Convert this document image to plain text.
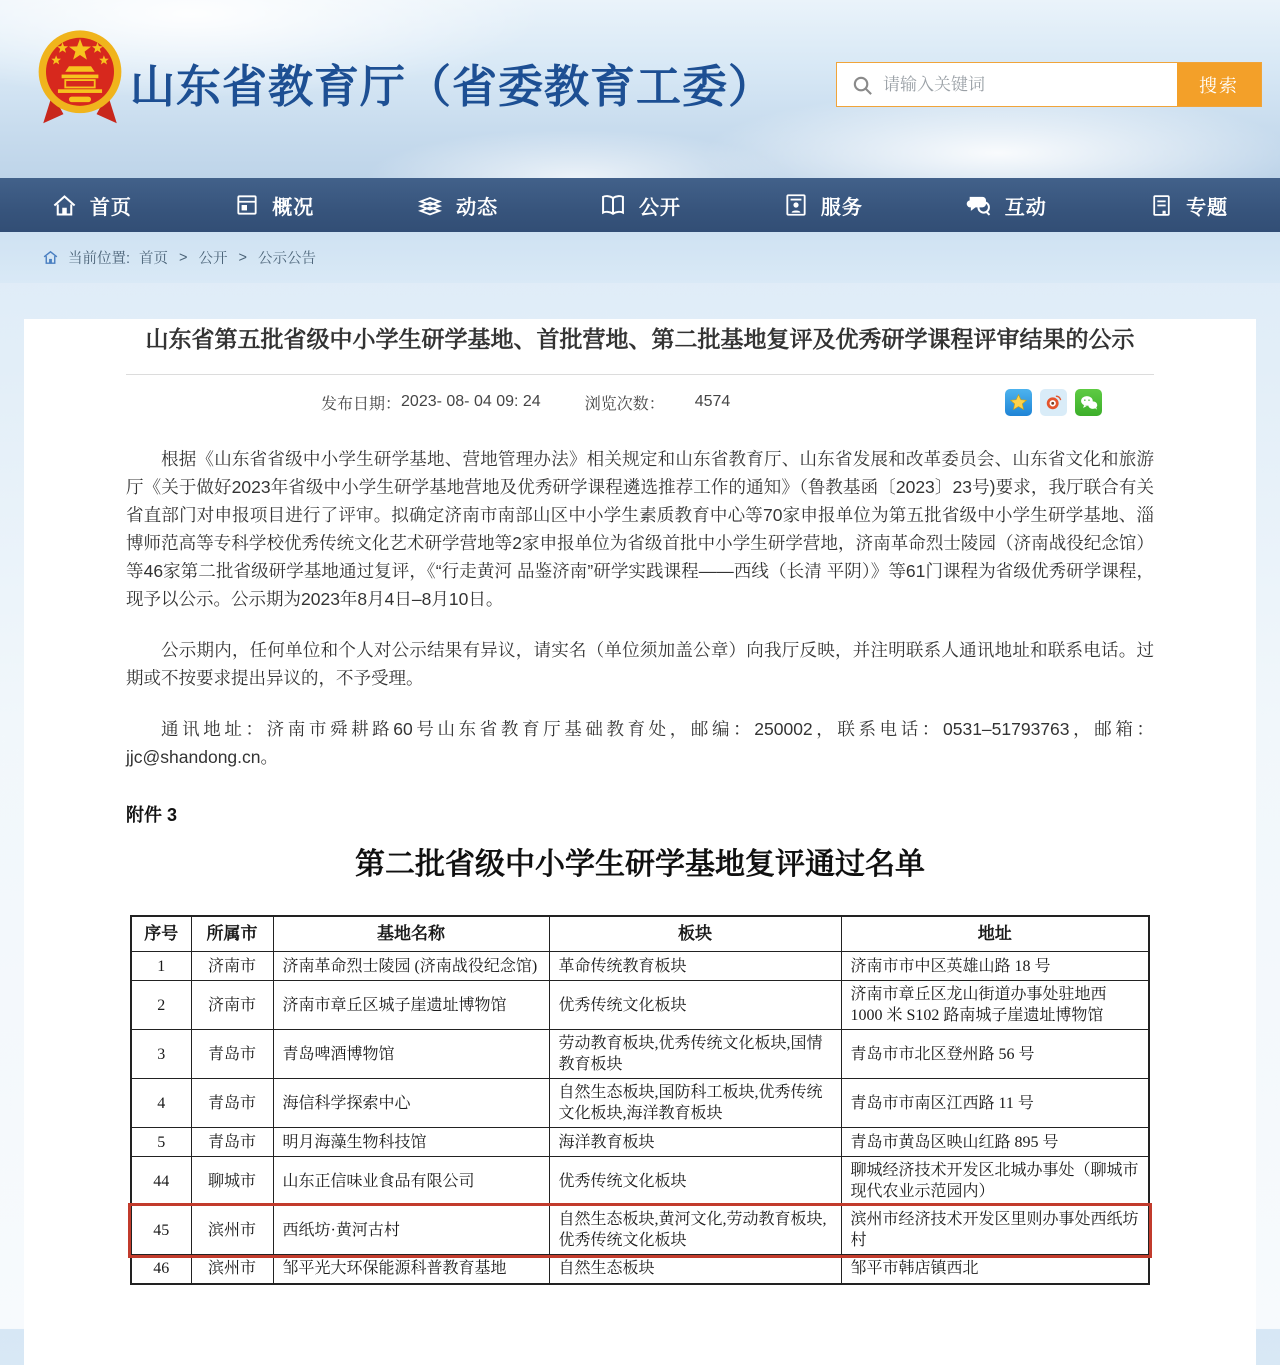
山东省教育厅（省委教育工委）
请输入关键词	搜索
首页	概况	动态	公开	服务	互动	专题
当前位置: 首页 > 公开 > 公示公告
山东省第五批省级中小学生研学基地、首批营地、第二批基地复评及优秀研学课程评审结果的公示
发布日期： 2023- 08- 04 09: 24	浏览次数： 4574

根据《山东省省级中小学生研学基地、营地管理办法》相关规定和山东省教育厅、山东省发展和改革委员会、山东省文化和旅游厅《关于做好2023年省级中小学生研学基地营地及优秀研学课程遴选推荐工作的通知》（鲁教基函〔2023〕23号)要求，我厅联合有关省直部门对申报项目进行了评审。拟确定济南市南部山区中小学生素质教育中心等70家申报单位为第五批省级中小学生研学基地、淄博师范高等专科学校优秀传统文化艺术研学营地等2家申报单位为省级首批中小学生研学营地，济南革命烈士陵园（济南战役纪念馆）等46家第二批省级研学基地通过复评，《“行走黄河 品鉴济南”研学实践课程——西线（长清 平阴）》等61门课程为省级优秀研学课程，现予以公示。公示期为2023年8月4日–8月10日。

公示期内，任何单位和个人对公示结果有异议，请实名（单位须加盖公章）向我厅反映，并注明联系人通讯地址和联系电话。过期或不按要求提出异议的，不予受理。

通讯地址：济南市舜耕路60号山东省教育厅基础教育处，邮编：250002，联系电话：0531–51793763，邮箱：jjc@shandong.cn。

附件 3
第二批省级中小学生研学基地复评通过名单
序号	所属市	基地名称	板块	地址
1	济南市	济南革命烈士陵园 (济南战役纪念馆)	革命传统教育板块	济南市市中区英雄山路 18 号
2	济南市	济南市章丘区城子崖遗址博物馆	优秀传统文化板块	济南市章丘区龙山街道办事处驻地西 1000 米 S102 路南城子崖遗址博物馆
3	青岛市	青岛啤酒博物馆	劳动教育板块,优秀传统文化板块,国情教育板块	青岛市市北区登州路 56 号
4	青岛市	海信科学探索中心	自然生态板块,国防科工板块,优秀传统文化板块,海洋教育板块	青岛市市南区江西路 11 号
5	青岛市	明月海藻生物科技馆	海洋教育板块	青岛市黄岛区映山红路 895 号
44	聊城市	山东正信味业食品有限公司	优秀传统文化板块	聊城经济技术开发区北城办事处（聊城市现代农业示范园内）
45	滨州市	西纸坊·黄河古村	自然生态板块,黄河文化,劳动教育板块,优秀传统文化板块	滨州市经济技术开发区里则办事处西纸坊村
46	滨州市	邹平光大环保能源科普教育基地	自然生态板块	邹平市韩店镇西北
